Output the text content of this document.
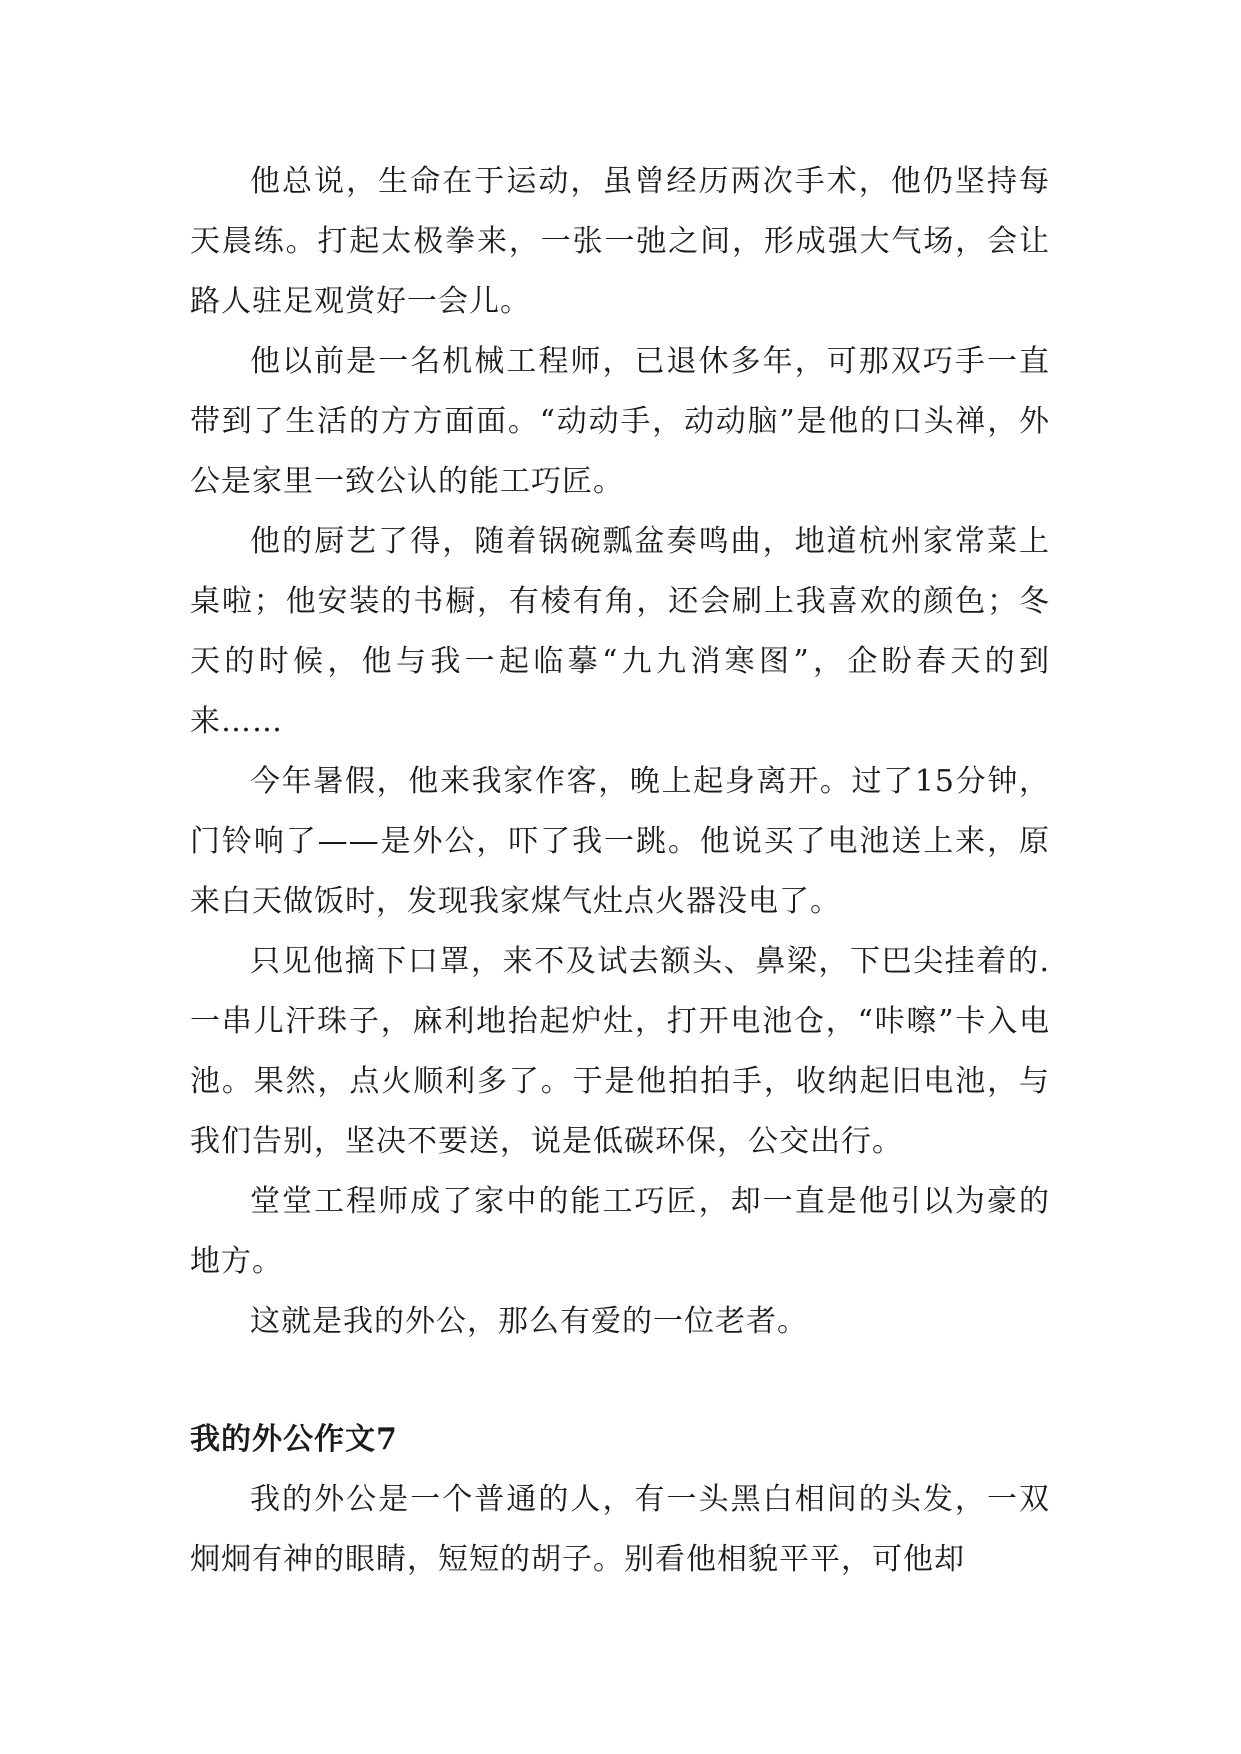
他总说，生命在于运动，虽曾经历两次手术，他仍坚持每天晨练。打起太极拳来，一张一弛之间，形成强大气场，会让路人驻足观赏好一会儿。

他以前是一名机械工程师，已退休多年，可那双巧手一直带到了生活的方方面面。“动动手，动动脑”是他的口头禅，外公是家里一致公认的能工巧匠。

他的厨艺了得，随着锅碗瓢盆奏鸣曲，地道杭州家常菜上桌啦；他安装的书橱，有棱有角，还会刷上我喜欢的颜色；冬天的时候，他与我一起临摹“九九消寒图”，企盼春天的到来……

今年暑假，他来我家作客，晚上起身离开。过了15分钟，门铃响了——是外公，吓了我一跳。他说买了电池送上来，原来白天做饭时，发现我家煤气灶点火器没电了。

只见他摘下口罩，来不及试去额头、鼻梁，下巴尖挂着的.一串儿汗珠子，麻利地抬起炉灶，打开电池仓，“咔嚓”卡入电池。果然，点火顺利多了。于是他拍拍手，收纳起旧电池，与我们告别，坚决不要送，说是低碳环保，公交出行。

堂堂工程师成了家中的能工巧匠，却一直是他引以为豪的地方。

这就是我的外公，那么有爱的一位老者。

我的外公作文7

我的外公是一个普通的人，有一头黑白相间的头发，一双炯炯有神的眼睛，短短的胡子。别看他相貌平平，可他却
